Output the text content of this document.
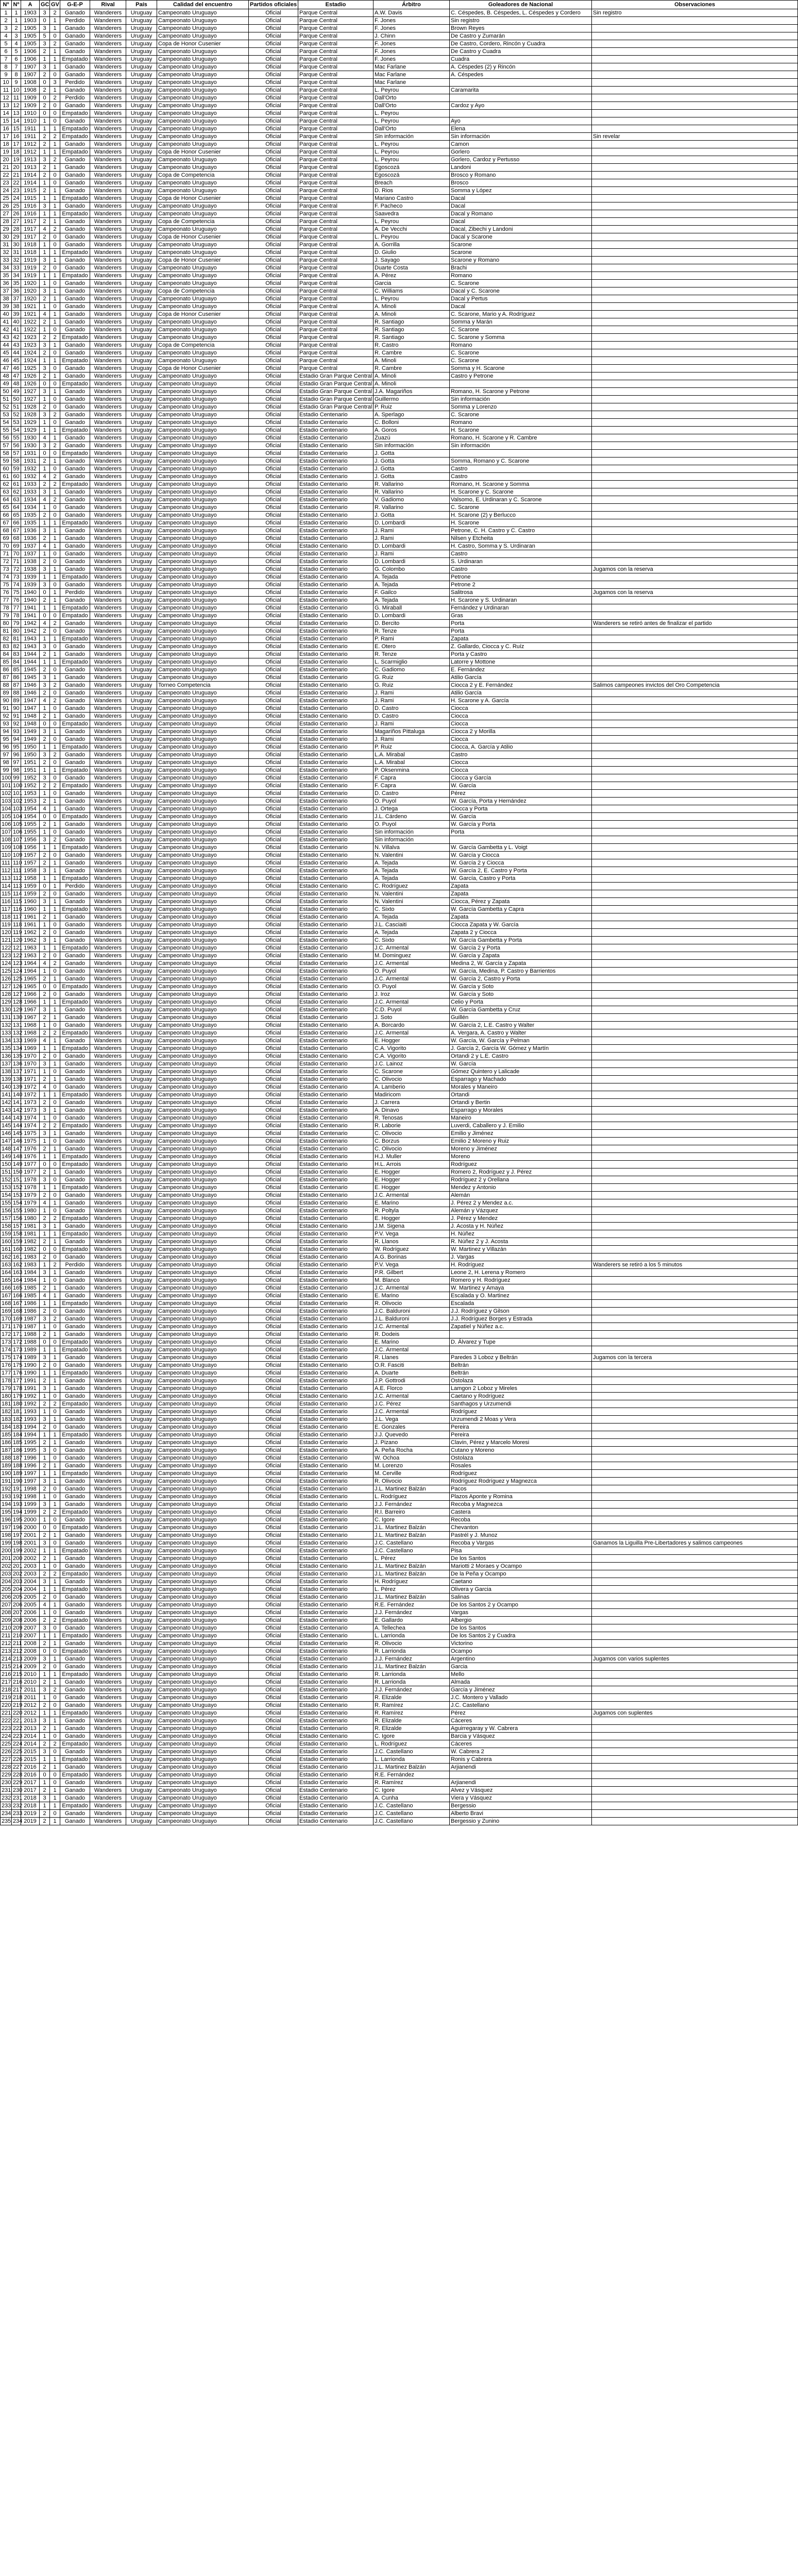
Nº	Nº	A	GC	GV	G-E-P	Rival	País	Calidad del encuentro	Partidos oficiales	Estadio	Árbitro	Goleadores de Nacional	Observaciones
1	1	1903	3	2	Ganado	Wanderers	Uruguay	Campeonato Uruguayo	Oficial	Parque Central	A.W. Davis	C. Céspedes, B. Céspedes, L. Céspedes y Cordero	Sin registro
2	1	1903	0	1	Perdido	Wanderers	Uruguay	Campeonato Uruguayo	Oficial	Parque Central	F. Jones	Sin registro	
3	2	1905	3	1	Ganado	Wanderers	Uruguay	Campeonato Uruguayo	Oficial	Parque Central	F. Jones	Brown Reyes	
4	3	1905	5	0	Ganado	Wanderers	Uruguay	Campeonato Uruguayo	Oficial	Parque Central	J. Chinn	De Castro y Zumarán	
5	4	1905	3	2	Ganado	Wanderers	Uruguay	Copa de Honor Cusenier	Oficial	Parque Central	F. Jones	De Castro, Cordero, Rincón y Cuadra	
6	5	1906	2	1	Ganado	Wanderers	Uruguay	Campeonato Uruguayo	Oficial	Parque Central	F. Jones	De Castro y Cuadra	
7	6	1906	1	1	Empatado	Wanderers	Uruguay	Campeonato Uruguayo	Oficial	Parque Central	F. Jones	Cuadra	
8	7	1907	3	1	Ganado	Wanderers	Uruguay	Campeonato Uruguayo	Oficial	Parque Central	Mac Farlane	A. Céspedes (2) y Rincón	
9	8	1907	2	0	Ganado	Wanderers	Uruguay	Campeonato Uruguayo	Oficial	Parque Central	Mac Farlane	A. Céspedes	
10	9	1908	0	3	Perdido	Wanderers	Uruguay	Campeonato Uruguayo	Oficial	Parque Central	Mac Farlane		
11	10	1908	2	1	Ganado	Wanderers	Uruguay	Campeonato Uruguayo	Oficial	Parque Central	L. Peyrou	Caramarita	
12	11	1909	0	2	Perdido	Wanderers	Uruguay	Campeonato Uruguayo	Oficial	Parque Central	Dall'Orto		
13	12	1909	2	0	Ganado	Wanderers	Uruguay	Campeonato Uruguayo	Oficial	Parque Central	Dall'Orto	Cardoz y Ayo	
14	13	1910	0	0	Empatado	Wanderers	Uruguay	Campeonato Uruguayo	Oficial	Parque Central	L. Peyrou		
15	14	1910	1	0	Ganado	Wanderers	Uruguay	Campeonato Uruguayo	Oficial	Parque Central	L. Peyrou	Ayo	
16	15	1911	1	1	Empatado	Wanderers	Uruguay	Campeonato Uruguayo	Oficial	Parque Central	Dall'Orto	Elena	
17	16	1911	2	2	Empatado	Wanderers	Uruguay	Campeonato Uruguayo	Oficial	Parque Central	Sin información	Sin información	Sin revelar
18	17	1912	2	1	Ganado	Wanderers	Uruguay	Campeonato Uruguayo	Oficial	Parque Central	L. Peyrou	Camon	
19	18	1912	1	1	Empatado	Wanderers	Uruguay	Copa de Honor Cusenier	Oficial	Parque Central	L. Peyrou	Gorlero	
20	19	1913	3	2	Ganado	Wanderers	Uruguay	Campeonato Uruguayo	Oficial	Parque Central	L. Peyrou	Gorlero, Cardoz y Pertusso	
21	20	1913	2	1	Ganado	Wanderers	Uruguay	Campeonato Uruguayo	Oficial	Parque Central	Egoscozá	Landoni	
22	21	1914	2	0	Ganado	Wanderers	Uruguay	Copa de Competencia	Oficial	Parque Central	Egoscozá	Brosco y Romano	
23	22	1914	1	0	Ganado	Wanderers	Uruguay	Campeonato Uruguayo	Oficial	Parque Central	Breach	Brosco	
24	23	1915	2	1	Ganado	Wanderers	Uruguay	Campeonato Uruguayo	Oficial	Parque Central	D. Rios	Somma y López	
25	24	1915	1	1	Empatado	Wanderers	Uruguay	Copa de Honor Cusenier	Oficial	Parque Central	Mariano Castro	Dacal	
26	25	1916	3	1	Ganado	Wanderers	Uruguay	Campeonato Uruguayo	Oficial	Parque Central	F. Pacheco	Dacal	
27	26	1916	1	1	Empatado	Wanderers	Uruguay	Campeonato Uruguayo	Oficial	Parque Central	Saavedra	Dacal y Romano	
28	27	1917	2	1	Ganado	Wanderers	Uruguay	Copa de Competencia	Oficial	Parque Central	L. Peyrou	Dacal	
29	28	1917	4	2	Ganado	Wanderers	Uruguay	Campeonato Uruguayo	Oficial	Parque Central	A. De Vecchi	Dacal, Zibechi y Landoni	
30	29	1917	2	0	Ganado	Wanderers	Uruguay	Copa de Honor Cusenier	Oficial	Parque Central	L. Peyrou	Dacal y Scarone	
31	30	1918	1	0	Ganado	Wanderers	Uruguay	Campeonato Uruguayo	Oficial	Parque Central	A. Gorrilla	Scarone	
32	31	1918	1	1	Empatado	Wanderers	Uruguay	Campeonato Uruguayo	Oficial	Parque Central	D. Giulio	Scarone	
33	32	1919	3	1	Ganado	Wanderers	Uruguay	Copa de Honor Cusenier	Oficial	Parque Central	J. Sayago	Scarone y Romano	
34	33	1919	2	0	Ganado	Wanderers	Uruguay	Campeonato Uruguayo	Oficial	Parque Central	Duarte Costa	Brachi	
35	34	1919	1	1	Empatado	Wanderers	Uruguay	Campeonato Uruguayo	Oficial	Parque Central	A. Pérez	Romano	
36	35	1920	1	0	Ganado	Wanderers	Uruguay	Campeonato Uruguayo	Oficial	Parque Central	Garcia	C. Scarone	
37	36	1920	3	1	Ganado	Wanderers	Uruguay	Copa de Competencia	Oficial	Parque Central	C. Williams	Dacal y C. Scarone	
38	37	1920	2	1	Ganado	Wanderers	Uruguay	Campeonato Uruguayo	Oficial	Parque Central	L. Peyrou	Dacal y Pertus	
39	38	1921	1	0	Ganado	Wanderers	Uruguay	Campeonato Uruguayo	Oficial	Parque Central	A. Minoli	Dacal	
40	39	1921	4	1	Ganado	Wanderers	Uruguay	Copa de Honor Cusenier	Oficial	Parque Central	A. Minoli	C. Scarone, Mario y A. Rodríguez	
41	40	1922	2	1	Ganado	Wanderers	Uruguay	Campeonato Uruguayo	Oficial	Parque Central	R. Santiago	Somma y Marán	
42	41	1922	1	0	Ganado	Wanderers	Uruguay	Campeonato Uruguayo	Oficial	Parque Central	R. Santiago	C. Scarone	
43	42	1923	2	2	Empatado	Wanderers	Uruguay	Campeonato Uruguayo	Oficial	Parque Central	R. Santiago	C. Scarone y Somma	
44	43	1923	3	1	Ganado	Wanderers	Uruguay	Copa de Competencia	Oficial	Parque Central	R. Castro	Romano	
45	44	1924	2	0	Ganado	Wanderers	Uruguay	Campeonato Uruguayo	Oficial	Parque Central	R. Cambre	C. Scarone	
46	45	1924	1	1	Empatado	Wanderers	Uruguay	Campeonato Uruguayo	Oficial	Parque Central	A. Minoli	C. Scarone	
47	46	1925	3	0	Ganado	Wanderers	Uruguay	Copa de Honor Cusenier	Oficial	Parque Central	R. Cambre	Somma y H. Scarone	
48	47	1926	2	1	Ganado	Wanderers	Uruguay	Campeonato Uruguayo	Oficial	Estadio Gran Parque Central	A. Minoli	Castro y Petrone	
49	48	1926	0	0	Empatado	Wanderers	Uruguay	Campeonato Uruguayo	Oficial	Estadio Gran Parque Central	A. Minoli		
50	49	1927	3	1	Ganado	Wanderers	Uruguay	Campeonato Uruguayo	Oficial	Estadio Gran Parque Central	J.A. Magariños	Romano, H. Scarone y Petrone	
51	50	1927	1	0	Ganado	Wanderers	Uruguay	Campeonato Uruguayo	Oficial	Estadio Gran Parque Central	Guillermo	Sin información	
52	51	1928	2	0	Ganado	Wanderers	Uruguay	Campeonato Uruguayo	Oficial	Estadio Gran Parque Central	P. Ruiz	Somma y Lorenzo	
53	52	1928	3	2	Ganado	Wanderers	Uruguay	Campeonato Uruguayo	Oficial	Estadio Centenario	A. Sperlago	C. Scarone	
54	53	1929	1	0	Ganado	Wanderers	Uruguay	Campeonato Uruguayo	Oficial	Estadio Centenario	C. Bolloni	Romano	
55	54	1929	1	1	Empatado	Wanderers	Uruguay	Campeonato Uruguayo	Oficial	Estadio Centenario	A. Goros	H. Scarone	
56	55	1930	4	1	Ganado	Wanderers	Uruguay	Campeonato Uruguayo	Oficial	Estadio Centenario	Zuazú	Romano, H. Scarone y R. Cambre	
57	56	1930	3	2	Ganado	Wanderers	Uruguay	Campeonato Uruguayo	Oficial	Estadio Centenario	Sin información	Sin información	
58	57	1931	0	0	Empatado	Wanderers	Uruguay	Campeonato Uruguayo	Oficial	Estadio Centenario	J. Gotta		
59	58	1931	2	1	Ganado	Wanderers	Uruguay	Campeonato Uruguayo	Oficial	Estadio Centenario	J. Gotta	Somma, Romano y C. Scarone	
60	59	1932	1	0	Ganado	Wanderers	Uruguay	Campeonato Uruguayo	Oficial	Estadio Centenario	J. Gotta	Castro	
61	60	1932	4	2	Ganado	Wanderers	Uruguay	Campeonato Uruguayo	Oficial	Estadio Centenario	J. Gotta	Castro	
62	61	1933	2	2	Empatado	Wanderers	Uruguay	Campeonato Uruguayo	Oficial	Estadio Centenario	R. Vallarino	Romano, H. Scarone y Somma	
63	62	1933	3	1	Ganado	Wanderers	Uruguay	Campeonato Uruguayo	Oficial	Estadio Centenario	R. Vallarino	H. Scarone y C. Scarone	
64	63	1934	4	2	Ganado	Wanderers	Uruguay	Campeonato Uruguayo	Oficial	Estadio Centenario	V. Gadiomo	Valsomo, E. Urdinaran y C. Scarone	
65	64	1934	1	0	Ganado	Wanderers	Uruguay	Campeonato Uruguayo	Oficial	Estadio Centenario	R. Vallarino	C. Scarone	
66	65	1935	2	0	Ganado	Wanderers	Uruguay	Campeonato Uruguayo	Oficial	Estadio Centenario	J. Gotta	H. Scarone (2) y Berlucco	
67	66	1935	1	1	Empatado	Wanderers	Uruguay	Campeonato Uruguayo	Oficial	Estadio Centenario	D. Lombardi	H. Scarone	
68	67	1936	3	1	Ganado	Wanderers	Uruguay	Campeonato Uruguayo	Oficial	Estadio Centenario	J. Rami	Petrone, C. H. Castro y C. Castro	
69	68	1936	2	1	Ganado	Wanderers	Uruguay	Campeonato Uruguayo	Oficial	Estadio Centenario	J. Rami	Nilsen y Etcheita	
70	69	1937	4	1	Ganado	Wanderers	Uruguay	Campeonato Uruguayo	Oficial	Estadio Centenario	D. Lombardi	H. Castro, Somma y S. Urdinaran	
71	70	1937	1	0	Ganado	Wanderers	Uruguay	Campeonato Uruguayo	Oficial	Estadio Centenario	J. Rami	Castro	
72	71	1938	2	0	Ganado	Wanderers	Uruguay	Campeonato Uruguayo	Oficial	Estadio Centenario	D. Lombardi	S. Urdinaran	
73	72	1938	3	1	Ganado	Wanderers	Uruguay	Campeonato Uruguayo	Oficial	Estadio Centenario	G. Colombo	Castro	Jugamos con la reserva
74	73	1939	1	1	Empatado	Wanderers	Uruguay	Campeonato Uruguayo	Oficial	Estadio Centenario	A. Tejada	Petrone	
75	74	1939	3	0	Ganado	Wanderers	Uruguay	Campeonato Uruguayo	Oficial	Estadio Centenario	A. Tejada	Petrone 2	
76	75	1940	0	1	Perdido	Wanderers	Uruguay	Campeonato Uruguayo	Oficial	Estadio Centenario	F. Gailco	Salitrosa	Jugamos con la reserva
77	76	1940	2	1	Ganado	Wanderers	Uruguay	Campeonato Uruguayo	Oficial	Estadio Centenario	A. Tejada	H. Scarone y S. Urdinaran	
78	77	1941	1	1	Empatado	Wanderers	Uruguay	Campeonato Uruguayo	Oficial	Estadio Centenario	G. Miraball	Fernández y Urdinaran	
79	78	1941	0	0	Empatado	Wanderers	Uruguay	Campeonato Uruguayo	Oficial	Estadio Centenario	D. Lombardi	Gras	
80	79	1942	4	2	Ganado	Wanderers	Uruguay	Campeonato Uruguayo	Oficial	Estadio Centenario	D. Bercito	Porta	Wanderers se retiró antes de finalizar el partido
81	80	1942	2	0	Ganado	Wanderers	Uruguay	Campeonato Uruguayo	Oficial	Estadio Centenario	R. Tenze	Porta	
82	81	1943	1	1	Empatado	Wanderers	Uruguay	Campeonato Uruguayo	Oficial	Estadio Centenario	P. Rami	Zapata	
83	82	1943	3	0	Ganado	Wanderers	Uruguay	Campeonato Uruguayo	Oficial	Estadio Centenario	E. Otero	Z. Gallardo, Ciocca y C. Ruíz	
84	83	1944	2	1	Ganado	Wanderers	Uruguay	Campeonato Uruguayo	Oficial	Estadio Centenario	R. Tenze	Porta y Castro	
85	84	1944	1	1	Empatado	Wanderers	Uruguay	Campeonato Uruguayo	Oficial	Estadio Centenario	L. Scarmiglio	Latorre y Mottone	
86	85	1945	2	0	Ganado	Wanderers	Uruguay	Campeonato Uruguayo	Oficial	Estadio Centenario	C. Gadiomo	E. Fernández	
87	86	1945	3	1	Ganado	Wanderers	Uruguay	Campeonato Uruguayo	Oficial	Estadio Centenario	G. Ruiz	Atilio García	
88	87	1946	3	2	Ganado	Wanderers	Uruguay	Torneo Competencia	Oficial	Estadio Centenario	G. Ruiz	Ciocca 2 y E. Fernández	Salimos campeones invictos del Oro Competencia
89	88	1946	2	0	Ganado	Wanderers	Uruguay	Campeonato Uruguayo	Oficial	Estadio Centenario	J. Rami	Atilio García	
90	89	1947	4	2	Ganado	Wanderers	Uruguay	Campeonato Uruguayo	Oficial	Estadio Centenario	J. Rami	H. Scarone y A. García	
91	90	1947	1	0	Ganado	Wanderers	Uruguay	Campeonato Uruguayo	Oficial	Estadio Centenario	D. Castro	Ciocca	
92	91	1948	2	1	Ganado	Wanderers	Uruguay	Campeonato Uruguayo	Oficial	Estadio Centenario	D. Castro	Ciocca	
93	92	1948	0	0	Empatado	Wanderers	Uruguay	Campeonato Uruguayo	Oficial	Estadio Centenario	J. Rami	Ciocca	
94	93	1949	3	1	Ganado	Wanderers	Uruguay	Campeonato Uruguayo	Oficial	Estadio Centenario	Magariños Pittaluga	Ciocca 2 y Morilla	
95	94	1949	2	0	Ganado	Wanderers	Uruguay	Campeonato Uruguayo	Oficial	Estadio Centenario	J. Rami	Ciocca	
96	95	1950	1	1	Empatado	Wanderers	Uruguay	Campeonato Uruguayo	Oficial	Estadio Centenario	P. Ruiz	Ciocca, A. García y Atilio	
97	96	1950	3	2	Ganado	Wanderers	Uruguay	Campeonato Uruguayo	Oficial	Estadio Centenario	L.A. Mirabal	Castro	
98	97	1951	2	0	Ganado	Wanderers	Uruguay	Campeonato Uruguayo	Oficial	Estadio Centenario	L.A. Mirabal	Ciocca	
99	98	1951	1	1	Empatado	Wanderers	Uruguay	Campeonato Uruguayo	Oficial	Estadio Centenario	P. Oksenmina	Ciocca	
100	99	1952	3	0	Ganado	Wanderers	Uruguay	Campeonato Uruguayo	Oficial	Estadio Centenario	F. Capra	Ciocca y García	
101	100	1952	2	2	Empatado	Wanderers	Uruguay	Campeonato Uruguayo	Oficial	Estadio Centenario	F. Capra	W. García	
102	101	1953	1	0	Ganado	Wanderers	Uruguay	Campeonato Uruguayo	Oficial	Estadio Centenario	D. Castro	Pérez	
103	102	1953	2	1	Ganado	Wanderers	Uruguay	Campeonato Uruguayo	Oficial	Estadio Centenario	O. Puyol	W. García, Porta y Hernández	
104	103	1954	4	1	Ganado	Wanderers	Uruguay	Campeonato Uruguayo	Oficial	Estadio Centenario	J. Ortega	Ciocca y Porta	
105	104	1954	0	0	Empatado	Wanderers	Uruguay	Campeonato Uruguayo	Oficial	Estadio Centenario	J.L. Cárdeno	W. García	
106	105	1955	2	1	Ganado	Wanderers	Uruguay	Campeonato Uruguayo	Oficial	Estadio Centenario	O. Puyol	W. García y Porta	
107	106	1955	1	0	Ganado	Wanderers	Uruguay	Campeonato Uruguayo	Oficial	Estadio Centenario	Sin información	Porta	
108	107	1956	3	2	Ganado	Wanderers	Uruguay	Campeonato Uruguayo	Oficial	Estadio Centenario	Sin información		
109	108	1956	1	1	Empatado	Wanderers	Uruguay	Campeonato Uruguayo	Oficial	Estadio Centenario	N. Villalva	W. García Gambetta y L. Voigt	
110	109	1957	2	0	Ganado	Wanderers	Uruguay	Campeonato Uruguayo	Oficial	Estadio Centenario	N. Valentini	W. García y Ciocca	
111	110	1957	2	1	Ganado	Wanderers	Uruguay	Campeonato Uruguayo	Oficial	Estadio Centenario	A. Tejada	W. García 2 y Ciocca	
112	111	1958	3	1	Ganado	Wanderers	Uruguay	Campeonato Uruguayo	Oficial	Estadio Centenario	A. Tejada	W. García 2, E. Castro y Porta	
113	112	1958	1	1	Empatado	Wanderers	Uruguay	Campeonato Uruguayo	Oficial	Estadio Centenario	A. Tejada	W. García, Castro y Porta	
114	113	1959	0	1	Perdido	Wanderers	Uruguay	Campeonato Uruguayo	Oficial	Estadio Centenario	C. Rodríguez	Zapata	
115	114	1959	2	0	Ganado	Wanderers	Uruguay	Campeonato Uruguayo	Oficial	Estadio Centenario	N. Valentini	Zapata	
116	115	1960	3	1	Ganado	Wanderers	Uruguay	Campeonato Uruguayo	Oficial	Estadio Centenario	N. Valentini	Ciocca, Pérez y Zapata	
117	116	1960	1	1	Empatado	Wanderers	Uruguay	Campeonato Uruguayo	Oficial	Estadio Centenario	C. Sixto	W. García Gambetta y Capra	
118	117	1961	2	1	Ganado	Wanderers	Uruguay	Campeonato Uruguayo	Oficial	Estadio Centenario	A. Tejada	Zapata	
119	118	1961	1	0	Ganado	Wanderers	Uruguay	Campeonato Uruguayo	Oficial	Estadio Centenario	J.L. Casciaiti	Ciocca Zapata y W. García	
120	119	1962	2	0	Ganado	Wanderers	Uruguay	Campeonato Uruguayo	Oficial	Estadio Centenario	A. Tejada	Zapata 2 y Ciocca	
121	120	1962	3	1	Ganado	Wanderers	Uruguay	Campeonato Uruguayo	Oficial	Estadio Centenario	C. Sixto	W. García Gambetta y Porta	
122	121	1963	1	1	Empatado	Wanderers	Uruguay	Campeonato Uruguayo	Oficial	Estadio Centenario	J.C. Armental	W. García 2 y Porta	
123	122	1963	2	0	Ganado	Wanderers	Uruguay	Campeonato Uruguayo	Oficial	Estadio Centenario	M. Dominguez	W. García y Zapata	
124	123	1964	4	2	Ganado	Wanderers	Uruguay	Campeonato Uruguayo	Oficial	Estadio Centenario	J.C. Armental	Medina 2, W. García y Zapata	
125	124	1964	1	0	Ganado	Wanderers	Uruguay	Campeonato Uruguayo	Oficial	Estadio Centenario	O. Puyol	W. García, Medina, P. Castro y Barrientos	
126	125	1965	2	1	Ganado	Wanderers	Uruguay	Campeonato Uruguayo	Oficial	Estadio Centenario	J.C. Armental	W. García 2, Castro y Porta	
127	126	1965	0	0	Empatado	Wanderers	Uruguay	Campeonato Uruguayo	Oficial	Estadio Centenario	O. Puyol	W. García y Soto	
128	127	1966	2	0	Ganado	Wanderers	Uruguay	Campeonato Uruguayo	Oficial	Estadio Centenario	J. Iroz	W. García y Soto	
129	128	1966	1	1	Empatado	Wanderers	Uruguay	Campeonato Uruguayo	Oficial	Estadio Centenario	J.C. Armental	Celio y Porta	
130	129	1967	3	1	Ganado	Wanderers	Uruguay	Campeonato Uruguayo	Oficial	Estadio Centenario	C.D. Puyol	W. García Gambetta y Cruz	
131	130	1967	2	1	Ganado	Wanderers	Uruguay	Campeonato Uruguayo	Oficial	Estadio Centenario	J. Soto	Guillén	
132	131	1968	1	0	Ganado	Wanderers	Uruguay	Campeonato Uruguayo	Oficial	Estadio Centenario	A. Borcardo	W. García 2, L.E. Castro y Walter	
133	132	1968	2	2	Empatado	Wanderers	Uruguay	Campeonato Uruguayo	Oficial	Estadio Centenario	J.C. Armental	A. Vergara, A. Castro y Walter	
134	133	1969	4	1	Ganado	Wanderers	Uruguay	Campeonato Uruguayo	Oficial	Estadio Centenario	E. Hogger	W. García, W. García y Pelman	
135	134	1969	1	1	Empatado	Wanderers	Uruguay	Campeonato Uruguayo	Oficial	Estadio Centenario	C.A. Vigorito	J. García 2, García W. Gómez y Martín	
136	135	1970	2	0	Ganado	Wanderers	Uruguay	Campeonato Uruguayo	Oficial	Estadio Centenario	C.A. Vigorito	Ortandi 2 y L.E. Castro	
137	136	1970	3	1	Ganado	Wanderers	Uruguay	Campeonato Uruguayo	Oficial	Estadio Centenario	J.C. Lainoz	W. García	
138	137	1971	1	0	Ganado	Wanderers	Uruguay	Campeonato Uruguayo	Oficial	Estadio Centenario	C. Scarone	Gómez Quintero y Lalicade	
139	138	1971	2	1	Ganado	Wanderers	Uruguay	Campeonato Uruguayo	Oficial	Estadio Centenario	C. Olivocio	Esparrago y Machado	
140	139	1972	4	0	Ganado	Wanderers	Uruguay	Campeonato Uruguayo	Oficial	Estadio Centenario	A. Lamberio	Morales y Maneiro	
141	140	1972	1	1	Empatado	Wanderers	Uruguay	Campeonato Uruguayo	Oficial	Estadio Centenario	Madiricom	Ortandi	
142	141	1973	2	0	Ganado	Wanderers	Uruguay	Campeonato Uruguayo	Oficial	Estadio Centenario	J. Carrera	Ortandi y Bertin	
143	142	1973	3	1	Ganado	Wanderers	Uruguay	Campeonato Uruguayo	Oficial	Estadio Centenario	A. Dinavo	Esparrago y Morales	
144	143	1974	1	0	Ganado	Wanderers	Uruguay	Campeonato Uruguayo	Oficial	Estadio Centenario	R. Tenosas	Maneiro	
145	144	1974	2	2	Empatado	Wanderers	Uruguay	Campeonato Uruguayo	Oficial	Estadio Centenario	R. Laborie	Luverdi, Caballero y J. Emilio	
146	145	1975	3	1	Ganado	Wanderers	Uruguay	Campeonato Uruguayo	Oficial	Estadio Centenario	C. Olivocio	Emilio y Jiménez	
147	146	1975	1	0	Ganado	Wanderers	Uruguay	Campeonato Uruguayo	Oficial	Estadio Centenario	C. Borzus	Emilio 2 Moreno y Ruiz	
148	147	1976	2	1	Ganado	Wanderers	Uruguay	Campeonato Uruguayo	Oficial	Estadio Centenario	C. Olivocio	Moreno y Jiménez	
149	148	1976	1	1	Empatado	Wanderers	Uruguay	Campeonato Uruguayo	Oficial	Estadio Centenario	H.J. Muller	Moreno	
150	149	1977	0	0	Empatado	Wanderers	Uruguay	Campeonato Uruguayo	Oficial	Estadio Centenario	H.L. Arrois	Rodríguez	
151	150	1977	2	1	Ganado	Wanderers	Uruguay	Campeonato Uruguayo	Oficial	Estadio Centenario	E. Hogger	Romero 2, Rodríguez y J. Pérez	
152	151	1978	3	0	Ganado	Wanderers	Uruguay	Campeonato Uruguayo	Oficial	Estadio Centenario	E. Hogger	Rodríguez 2 y Orellana	
153	152	1978	1	1	Empatado	Wanderers	Uruguay	Campeonato Uruguayo	Oficial	Estadio Centenario	E. Hogger	Mendez y Antonio	
154	153	1979	2	0	Ganado	Wanderers	Uruguay	Campeonato Uruguayo	Oficial	Estadio Centenario	J.C. Armental	Alemán	
155	154	1979	4	1	Ganado	Wanderers	Uruguay	Campeonato Uruguayo	Oficial	Estadio Centenario	E. Marino	J. Pérez 2 y Mendez a.c.	
156	155	1980	1	0	Ganado	Wanderers	Uruguay	Campeonato Uruguayo	Oficial	Estadio Centenario	R. Poltyla	Alemán y Vázquez	
157	156	1980	2	2	Empatado	Wanderers	Uruguay	Campeonato Uruguayo	Oficial	Estadio Centenario	E. Hogger	J. Pérez y Mendez	
158	157	1981	3	1	Ganado	Wanderers	Uruguay	Campeonato Uruguayo	Oficial	Estadio Centenario	J.M. Sigena	J. Acosta y H. Núñez	
159	158	1981	1	1	Empatado	Wanderers	Uruguay	Campeonato Uruguayo	Oficial	Estadio Centenario	P.V. Vega	H. Núñez	
160	159	1982	2	1	Ganado	Wanderers	Uruguay	Campeonato Uruguayo	Oficial	Estadio Centenario	R. Llanos	R. Núñez 2 y J. Acosta	
161	160	1982	0	0	Empatado	Wanderers	Uruguay	Campeonato Uruguayo	Oficial	Estadio Centenario	W. Rodríguez	W. Martinez y Villazán	
162	161	1983	2	0	Ganado	Wanderers	Uruguay	Campeonato Uruguayo	Oficial	Estadio Centenario	A.G. Borinas	J. Vargas	
163	162	1983	1	2	Perdido	Wanderers	Uruguay	Campeonato Uruguayo	Oficial	Estadio Centenario	P.V. Vega	H. Rodríguez	Wanderers se retiró a los 5 minutos
164	163	1984	3	1	Ganado	Wanderers	Uruguay	Campeonato Uruguayo	Oficial	Estadio Centenario	P.R. Gilbert	Leone 2, H. Lerena y Romero	
165	164	1984	1	0	Ganado	Wanderers	Uruguay	Campeonato Uruguayo	Oficial	Estadio Centenario	M. Blanco	Romero y H. Rodríguez	
166	165	1985	2	1	Ganado	Wanderers	Uruguay	Campeonato Uruguayo	Oficial	Estadio Centenario	J.C. Armental	W. Martinez y Amaya	
167	166	1985	4	1	Ganado	Wanderers	Uruguay	Campeonato Uruguayo	Oficial	Estadio Centenario	E. Marino	Escalada y O. Martinez	
168	167	1986	1	1	Empatado	Wanderers	Uruguay	Campeonato Uruguayo	Oficial	Estadio Centenario	R. Olivocio	Escalada	
169	168	1986	2	0	Ganado	Wanderers	Uruguay	Campeonato Uruguayo	Oficial	Estadio Centenario	J.C. Balduroni	J.J. Rodríguez y Gilson	
170	169	1987	3	2	Ganado	Wanderers	Uruguay	Campeonato Uruguayo	Oficial	Estadio Centenario	J.L. Balduroni	J.J. Rodríguez Borges y Estrada	
171	170	1987	1	0	Ganado	Wanderers	Uruguay	Campeonato Uruguayo	Oficial	Estadio Centenario	J.C. Armental	Zapatiel y Núñez a.c.	
172	171	1988	2	1	Ganado	Wanderers	Uruguay	Campeonato Uruguayo	Oficial	Estadio Centenario	R. Dodeis		
173	172	1988	0	0	Empatado	Wanderers	Uruguay	Campeonato Uruguayo	Oficial	Estadio Centenario	E. Marino	D. Álvarez y Tupe	
174	173	1989	1	1	Empatado	Wanderers	Uruguay	Campeonato Uruguayo	Oficial	Estadio Centenario	J.C. Armental		
175	174	1989	3	1	Ganado	Wanderers	Uruguay	Campeonato Uruguayo	Oficial	Estadio Centenario	R. Llanes	Paredes 3 Loboz y Beltrán	Jugamos con la tercera
176	175	1990	2	0	Ganado	Wanderers	Uruguay	Campeonato Uruguayo	Oficial	Estadio Centenario	O.R. Fasciti	Beltrán	
177	176	1990	1	1	Empatado	Wanderers	Uruguay	Campeonato Uruguayo	Oficial	Estadio Centenario	A. Duarte	Beltrán	
178	177	1991	2	1	Ganado	Wanderers	Uruguay	Campeonato Uruguayo	Oficial	Estadio Centenario	J.P. Gottrodi	Ostolaza	
179	178	1991	3	1	Ganado	Wanderers	Uruguay	Campeonato Uruguayo	Oficial	Estadio Centenario	A.E. Florco	Lamgon 2 Loboz y Mireles	
180	179	1992	1	0	Ganado	Wanderers	Uruguay	Campeonato Uruguayo	Oficial	Estadio Centenario	J.C. Armental	Caetano y Rodríguez	
181	180	1992	2	2	Empatado	Wanderers	Uruguay	Campeonato Uruguayo	Oficial	Estadio Centenario	J.C. Pérez	Santhagos y Urzumendi	
182	181	1993	1	0	Ganado	Wanderers	Uruguay	Campeonato Uruguayo	Oficial	Estadio Centenario	J.C. Armental	Rodríguez	
183	182	1993	3	1	Ganado	Wanderers	Uruguay	Campeonato Uruguayo	Oficial	Estadio Centenario	J.L. Vega	Urzumendi 2 Moas y Vera	
184	183	1994	2	0	Ganado	Wanderers	Uruguay	Campeonato Uruguayo	Oficial	Estadio Centenario	E. Gonzales	Pereira	
185	184	1994	1	1	Empatado	Wanderers	Uruguay	Campeonato Uruguayo	Oficial	Estadio Centenario	J.J. Quevedo	Pereira	
186	185	1995	2	1	Ganado	Wanderers	Uruguay	Campeonato Uruguayo	Oficial	Estadio Centenario	J. Pizano	Clavin, Pérez y Marcelo Moresi	
187	186	1995	3	0	Ganado	Wanderers	Uruguay	Campeonato Uruguayo	Oficial	Estadio Centenario	A. Peña Rocha	Cutano y Moreno	
188	187	1996	1	0	Ganado	Wanderers	Uruguay	Campeonato Uruguayo	Oficial	Estadio Centenario	W. Ochoa	Ostolaza	
189	188	1996	2	1	Ganado	Wanderers	Uruguay	Campeonato Uruguayo	Oficial	Estadio Centenario	M. Lorenzo	Rosales	
190	189	1997	1	1	Empatado	Wanderers	Uruguay	Campeonato Uruguayo	Oficial	Estadio Centenario	M. Cerville	Rodríguez	
191	190	1997	3	1	Ganado	Wanderers	Uruguay	Campeonato Uruguayo	Oficial	Estadio Centenario	R. Olivocio	Rodríguez Rodríguez y Magnezca	
192	191	1998	2	0	Ganado	Wanderers	Uruguay	Campeonato Uruguayo	Oficial	Estadio Centenario	J.L. Martinez Balzán	Pacos	
193	192	1998	1	0	Ganado	Wanderers	Uruguay	Campeonato Uruguayo	Oficial	Estadio Centenario	L. Rodríguez	Plazos Aponte y Romina	
194	193	1999	3	1	Ganado	Wanderers	Uruguay	Campeonato Uruguayo	Oficial	Estadio Centenario	J.J. Fernández	Recoba y Magnezca	
195	194	1999	2	2	Empatado	Wanderers	Uruguay	Campeonato Uruguayo	Oficial	Estadio Centenario	R.I. Barreiro	Castera	
196	195	2000	1	0	Ganado	Wanderers	Uruguay	Campeonato Uruguayo	Oficial	Estadio Centenario	C. Igore	Recoba	
197	196	2000	0	0	Empatado	Wanderers	Uruguay	Campeonato Uruguayo	Oficial	Estadio Centenario	J.L. Martinez Balzán	Chevanton	
198	197	2001	2	1	Ganado	Wanderers	Uruguay	Campeonato Uruguayo	Oficial	Estadio Centenario	J.L. Martinez Balzán	Pastrél y J. Munoz	
199	198	2001	3	0	Ganado	Wanderers	Uruguay	Campeonato Uruguayo	Oficial	Estadio Centenario	J.C. Castellano	Recoba y Vargas	Ganamos la Liguilla Pre-Libertadores y salimos campeones
200	199	2002	1	1	Empatado	Wanderers	Uruguay	Campeonato Uruguayo	Oficial	Estadio Centenario	J.C. Castellano	Pisa	
201	200	2002	2	1	Ganado	Wanderers	Uruguay	Campeonato Uruguayo	Oficial	Estadio Centenario	L. Pérez	De los Santos	
202	201	2003	1	0	Ganado	Wanderers	Uruguay	Campeonato Uruguayo	Oficial	Estadio Centenario	J.L. Martinez Balzán	Mariotti 2 Moraes y Ocampo	
203	202	2003	2	2	Empatado	Wanderers	Uruguay	Campeonato Uruguayo	Oficial	Estadio Centenario	J.L. Martinez Balzán	De la Peña y Ocampo	
204	203	2004	3	1	Ganado	Wanderers	Uruguay	Campeonato Uruguayo	Oficial	Estadio Centenario	H. Rodríguez	Caetano	
205	204	2004	1	1	Empatado	Wanderers	Uruguay	Campeonato Uruguayo	Oficial	Estadio Centenario	L. Pérez	Olivera y Garcia	
206	205	2005	2	0	Ganado	Wanderers	Uruguay	Campeonato Uruguayo	Oficial	Estadio Centenario	J.L. Martinez Balzán	Salinas	
207	206	2005	4	1	Ganado	Wanderers	Uruguay	Campeonato Uruguayo	Oficial	Estadio Centenario	R.E. Fernández	De los Santos 2 y Ocampo	
208	207	2006	1	0	Ganado	Wanderers	Uruguay	Campeonato Uruguayo	Oficial	Estadio Centenario	J.J. Fernández	Vargas	
209	208	2006	2	2	Empatado	Wanderers	Uruguay	Campeonato Uruguayo	Oficial	Estadio Centenario	E. Gallardo	Albergio	
210	209	2007	3	0	Ganado	Wanderers	Uruguay	Campeonato Uruguayo	Oficial	Estadio Centenario	A. Tellechea	De los Santos	
211	210	2007	1	1	Empatado	Wanderers	Uruguay	Campeonato Uruguayo	Oficial	Estadio Centenario	L. Larrionda	De los Santos 2 y Cuadra	
212	211	2008	2	1	Ganado	Wanderers	Uruguay	Campeonato Uruguayo	Oficial	Estadio Centenario	R. Olivocio	Victorino	
213	212	2008	0	0	Empatado	Wanderers	Uruguay	Campeonato Uruguayo	Oficial	Estadio Centenario	R. Larrionda	Ocampo	
214	213	2009	3	1	Ganado	Wanderers	Uruguay	Campeonato Uruguayo	Oficial	Estadio Centenario	J.J. Fernández	Argentino	Jugamos con varios suplentes
215	214	2009	2	0	Ganado	Wanderers	Uruguay	Campeonato Uruguayo	Oficial	Estadio Centenario	J.L. Martinez Balzán	Garcia	
216	215	2010	1	1	Empatado	Wanderers	Uruguay	Campeonato Uruguayo	Oficial	Estadio Centenario	R. Larrionda	Mello	
217	216	2010	2	1	Ganado	Wanderers	Uruguay	Campeonato Uruguayo	Oficial	Estadio Centenario	R. Larrionda	Almada	
218	217	2011	3	2	Ganado	Wanderers	Uruguay	Campeonato Uruguayo	Oficial	Estadio Centenario	J.J. Fernández	García y Jiménez	
219	218	2011	1	0	Ganado	Wanderers	Uruguay	Campeonato Uruguayo	Oficial	Estadio Centenario	R. Elizalde	J.C. Montero y Vallado	
220	219	2012	2	0	Ganado	Wanderers	Uruguay	Campeonato Uruguayo	Oficial	Estadio Centenario	R. Ramírez	J.C. Castellano	
221	220	2012	1	1	Empatado	Wanderers	Uruguay	Campeonato Uruguayo	Oficial	Estadio Centenario	R. Ramírez	Pérez	Jugamos con suplentes
222	221	2013	3	1	Ganado	Wanderers	Uruguay	Campeonato Uruguayo	Oficial	Estadio Centenario	R. Elizalde	Cáceres	
223	222	2013	2	1	Ganado	Wanderers	Uruguay	Campeonato Uruguayo	Oficial	Estadio Centenario	R. Elizalde	Aguirregaray y W. Cabrera	
224	223	2014	1	0	Ganado	Wanderers	Uruguay	Campeonato Uruguayo	Oficial	Estadio Centenario	C. Igore	Barcia y Vásquez	
225	224	2014	2	2	Empatado	Wanderers	Uruguay	Campeonato Uruguayo	Oficial	Estadio Centenario	L. Rodríguez	Cáceres	
226	225	2015	3	0	Ganado	Wanderers	Uruguay	Campeonato Uruguayo	Oficial	Estadio Centenario	J.C. Castellano	W. Cabrera 2	
227	226	2015	1	1	Empatado	Wanderers	Uruguay	Campeonato Uruguayo	Oficial	Estadio Centenario	L. Larrionda	Ronis y Cabrera	
228	227	2016	2	1	Ganado	Wanderers	Uruguay	Campeonato Uruguayo	Oficial	Estadio Centenario	J.L. Martinez Balzán	Arjianendi	
229	228	2016	0	0	Empatado	Wanderers	Uruguay	Campeonato Uruguayo	Oficial	Estadio Centenario	R.E. Fernández		
230	229	2017	1	0	Ganado	Wanderers	Uruguay	Campeonato Uruguayo	Oficial	Estadio Centenario	R. Ramírez	Arjianendi	
231	230	2017	2	1	Ganado	Wanderers	Uruguay	Campeonato Uruguayo	Oficial	Estadio Centenario	C. Igore	Alvez y Vásquez	
232	231	2018	3	1	Ganado	Wanderers	Uruguay	Campeonato Uruguayo	Oficial	Estadio Centenario	A. Cunha	Viera y Vásquez	
233	232	2018	1	1	Empatado	Wanderers	Uruguay	Campeonato Uruguayo	Oficial	Estadio Centenario	J.C. Castellano	Bergessio	
234	233	2019	2	0	Ganado	Wanderers	Uruguay	Campeonato Uruguayo	Oficial	Estadio Centenario	J.C. Castellano	Alberto Bravi	
235	234	2019	2	1	Ganado	Wanderers	Uruguay	Campeonato Uruguayo	Oficial	Estadio Centenario	J.C. Castellano	Bergessio y Zunino	
